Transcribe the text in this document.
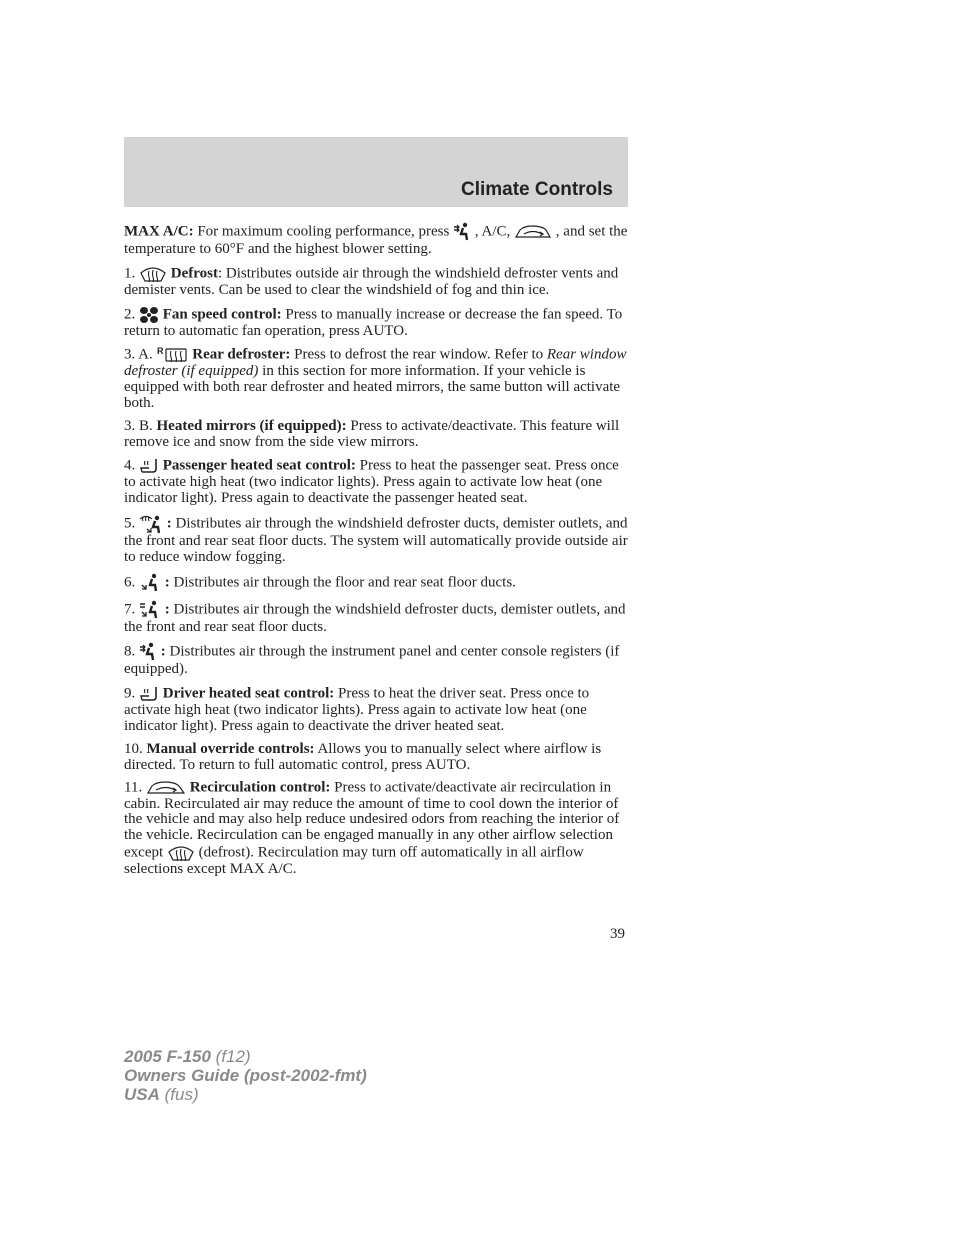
Climate Controls

MAX A/C: For maximum cooling performance, press
, A/C,	, and set the temperature to 60°F and the highest blower setting.

1.
Defrost: Distributes outside air through the windshield defroster vents and demister vents. Can be used to clear the windshield of fog and thin ice.

2.
Fan speed control: Press to manually increase or decrease the fan speed. To return to automatic fan operation, press AUTO.

3. A. R Rear defroster: Press to defrost the rear window. Refer to Rear window defroster (if equipped) in this section for more information. If your vehicle is equipped with both rear defroster and heated mirrors, the same button will activate both.

3. B. Heated mirrors (if equipped): Press to activate/deactivate. This feature will remove ice and snow from the side view mirrors.

4.
Passenger heated seat control: Press to heat the passenger seat. Press once to activate high heat (two indicator lights). Press again to activate low heat (one indicator light). Press again to deactivate the passenger heated seat.

5.
: Distributes air through the windshield defroster ducts, demister outlets, and the front and rear seat floor ducts. The system will automatically provide outside air to reduce window fogging.

6.
: Distributes air through the floor and rear seat floor ducts.

7.
: Distributes air through the windshield defroster ducts, demister outlets, and the front and rear seat floor ducts.

8.
: Distributes air through the instrument panel and center console registers (if equipped).

9.
Driver heated seat control: Press to heat the driver seat. Press once to activate high heat (two indicator lights). Press again to activate low heat (one indicator light). Press again to deactivate the driver heated seat.

10. Manual override controls: Allows you to manually select where airflow is directed. To return to full automatic control, press AUTO.

11.	Recirculation control: Press to activate/deactivate air recirculation in cabin. Recirculated air may reduce the amount of time to cool down the interior of the vehicle and may also help reduce undesired odors from reaching the interior of the vehicle. Recirculation can be engaged manually in any other airflow selection except
(defrost). Recirculation may turn off automatically in all airflow selections except MAX A/C.

39
2005 F-150 (f12)
Owners Guide (post-2002-fmt)
USA (fus)
